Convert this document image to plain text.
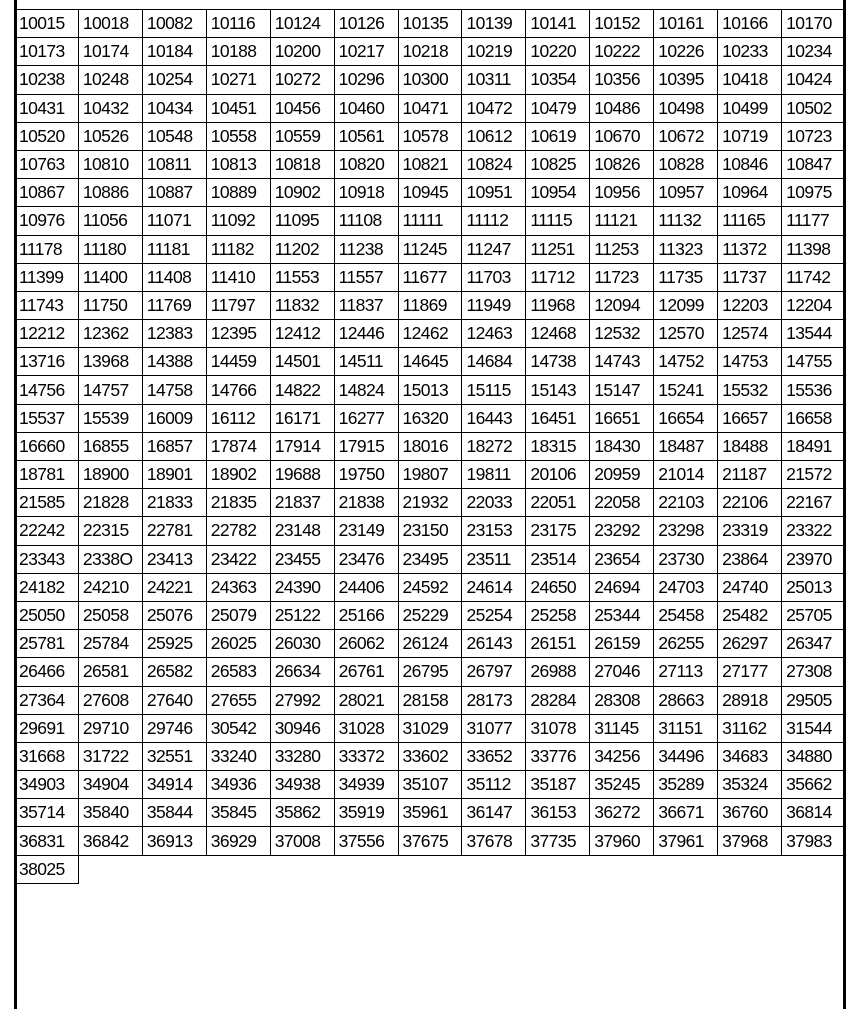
10015	10018	10082	10116	10124	10126	10135	10139	10141	10152	10161	10166	10170
10173	10174	10184	10188	10200	10217	10218	10219	10220	10222	10226	10233	10234
10238	10248	10254	10271	10272	10296	10300	10311	10354	10356	10395	10418	10424
10431	10432	10434	10451	10456	10460	10471	10472	10479	10486	10498	10499	10502
10520	10526	10548	10558	10559	10561	10578	10612	10619	10670	10672	10719	10723
10763	10810	10811	10813	10818	10820	10821	10824	10825	10826	10828	10846	10847
10867	10886	10887	10889	10902	10918	10945	10951	10954	10956	10957	10964	10975
10976	11056	11071	11092	11095	11108	11111	11112	11115	11121	11132	11165	11177
11178	11180	11181	11182	11202	11238	11245	11247	11251	11253	11323	11372	11398
11399	11400	11408	11410	11553	11557	11677	11703	11712	11723	11735	11737	11742
11743	11750	11769	11797	11832	11837	11869	11949	11968	12094	12099	12203	12204
12212	12362	12383	12395	12412	12446	12462	12463	12468	12532	12570	12574	13544
13716	13968	14388	14459	14501	14511	14645	14684	14738	14743	14752	14753	14755
14756	14757	14758	14766	14822	14824	15013	15115	15143	15147	15241	15532	15536
15537	15539	16009	16112	16171	16277	16320	16443	16451	16651	16654	16657	16658
16660	16855	16857	17874	17914	17915	18016	18272	18315	18430	18487	18488	18491
18781	18900	18901	18902	19688	19750	19807	19811	20106	20959	21014	21187	21572
21585	21828	21833	21835	21837	21838	21932	22033	22051	22058	22103	22106	22167
22242	22315	22781	22782	23148	23149	23150	23153	23175	23292	23298	23319	23322
23343	2338O	23413	23422	23455	23476	23495	23511	23514	23654	23730	23864	23970
24182	24210	24221	24363	24390	24406	24592	24614	24650	24694	24703	24740	25013
25050	25058	25076	25079	25122	25166	25229	25254	25258	25344	25458	25482	25705
25781	25784	25925	26025	26030	26062	26124	26143	26151	26159	26255	26297	26347
26466	26581	26582	26583	26634	26761	26795	26797	26988	27046	27113	27177	27308
27364	27608	27640	27655	27992	28021	28158	28173	28284	28308	28663	28918	29505
29691	29710	29746	30542	30946	31028	31029	31077	31078	31145	31151	31162	31544
31668	31722	32551	33240	33280	33372	33602	33652	33776	34256	34496	34683	34880
34903	34904	34914	34936	34938	34939	35107	35112	35187	35245	35289	35324	35662
35714	35840	35844	35845	35862	35919	35961	36147	36153	36272	36671	36760	36814
36831	36842	36913	36929	37008	37556	37675	37678	37735	37960	37961	37968	37983
38025												
